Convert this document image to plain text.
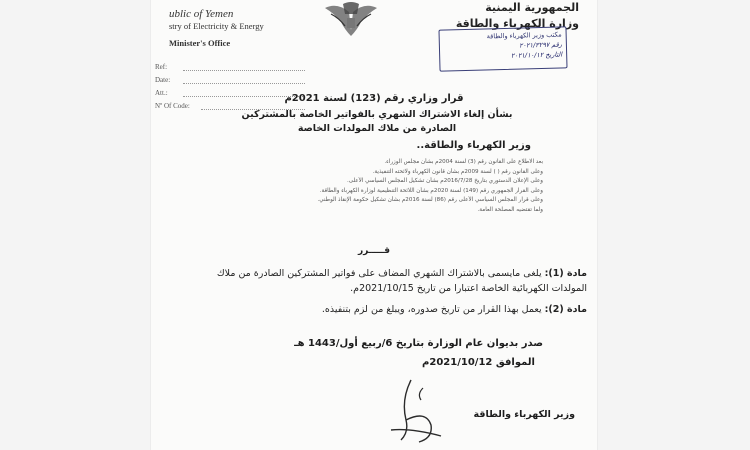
ublic of Yemen
stry of Electricity & Energy
Minister's Office
الجمهورية اليمنية
وزارة الكهرباء والطاقة
Ref:
Date:
Att.:
Nº Of Code:
مكتب وزير الكهرباء والطاقة
رقم ٢٠٢١/٣٢٩٧
التاريخ ٢٠٢١/١٠/١٢
قرار وزاري رقم (123) لسنة 2021م
بشأن إلغاء الاشتراك الشهري بالفواتير الخاصة بالمشتركين
الصادرة من ملاك المولدات الخاصة
وزير الكهرباء والطاقة..
بعد الاطلاع على القانون رقم (3) لسنة 2004م بشأن مجلس الوزراء.
وعلى القانون رقم ( ) لسنة 2009م بشأن قانون الكهرباء ولائحته التنفيذية.
وعلى الإعلان الدستوري بتاريخ 2016/7/28م بشأن تشكيل المجلس السياسي الأعلى.
وعلى القرار الجمهوري رقم (149) لسنة 2020م بشأن اللائحة التنظيمية لوزارة الكهرباء والطاقة.
وعلى قرار المجلس السياسي الأعلى رقم (86) لسنة 2016م بشأن تشكيل حكومة الإنقاذ الوطني.
ولما تقتضيه المصلحة العامة.
قـــــرر
مادة (1): يلغى مايسمى بالاشتراك الشهري المضاف على فواتير المشتركين الصادرة من ملاك
المولدات الكهربائية الخاصة اعتبارا من تاريخ 2021/10/15م.
مادة (2): يعمل بهذا القرار من تاريخ صدوره، ويبلغ من لزم بتنفيذه.
صدر بديوان عام الوزارة بتاريخ 6/ربيع أول/1443 هـ
الموافق 2021/10/12م
وزير الكهرباء والطاقة
